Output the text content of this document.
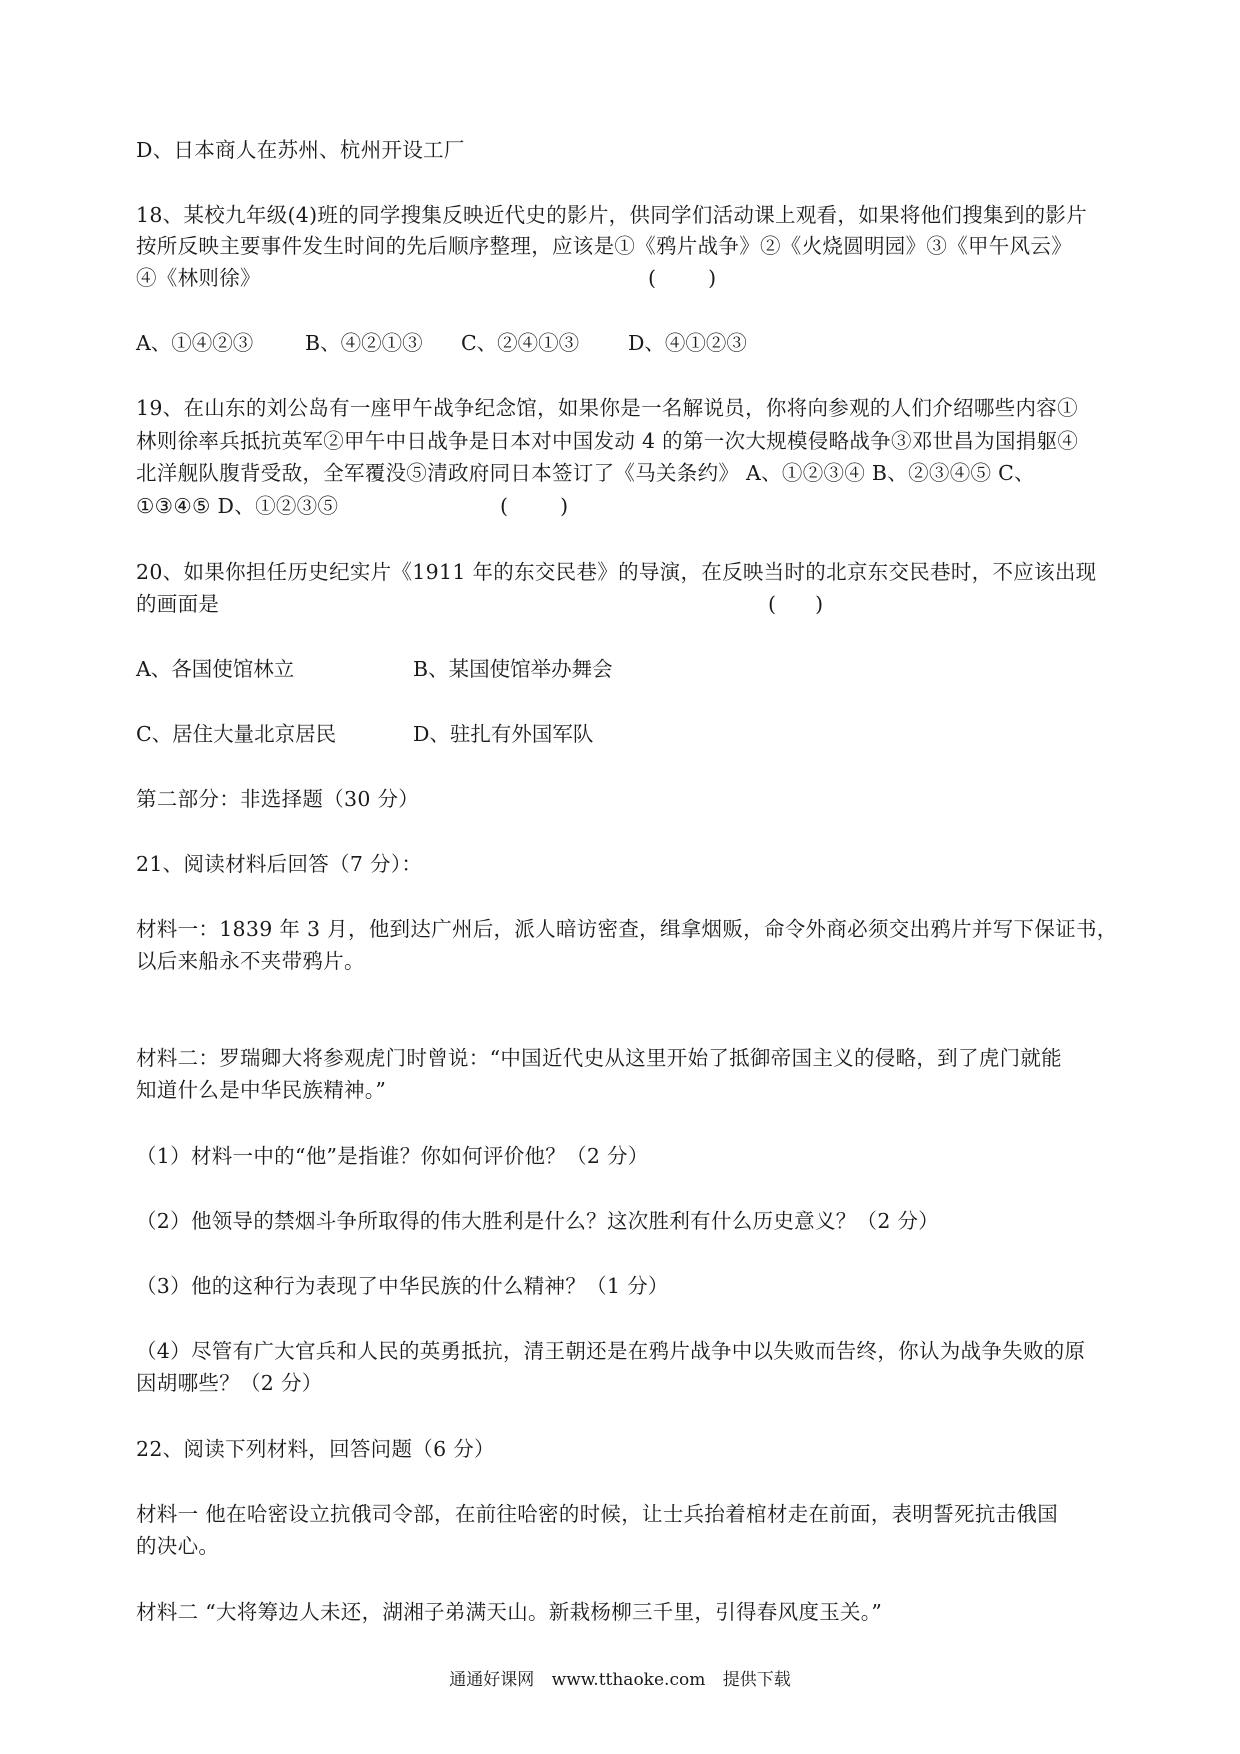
D、日本商人在苏州、杭州开设工厂
18、某校九年级(4)班的同学搜集反映近代史的影片，供同学们活动课上观看，如果将他们搜集到的影片
按所反映主要事件发生时间的先后顺序整理，应该是①《鸦片战争》②《火烧圆明园》③《甲午风云》
④《林则徐》	(        )
A、①④②③	B、④②①③ C、②④①③ D、④①②③
19、在山东的刘公岛有一座甲午战争纪念馆，如果你是一名解说员，你将向参观的人们介绍哪些内容①
林则徐率兵抵抗英军②甲午中日战争是日本对中国发动 4 的第一次大规模侵略战争③邓世昌为国捐躯④
北洋舰队腹背受敌，全军覆没⑤清政府同日本签订了《马关条约》 A、①②③④ B、②③④⑤ C、
①③④⑤ D、①②③⑤	(        )
20、如果你担任历史纪实片《1911 年的东交民巷》的导演，在反映当时的北京东交民巷时，不应该出现
的画面是	(      )
A、各国使馆林立	B、某国使馆举办舞会
C、居住大量北京居民	D、驻扎有外国军队
第二部分：非选择题（30 分）
21、阅读材料后回答（7 分）：
材料一：1839 年 3 月，他到达广州后，派人暗访密查，缉拿烟贩，命令外商必须交出鸦片并写下保证书，
以后来船永不夹带鸦片。
材料二：罗瑞卿大将参观虎门时曾说：“中国近代史从这里开始了抵御帝国主义的侵略，到了虎门就能
知道什么是中华民族精神。”
（1）材料一中的“他”是指谁？你如何评价他？（2 分）
（2）他领导的禁烟斗争所取得的伟大胜利是什么？这次胜利有什么历史意义？（2 分）
（3）他的这种行为表现了中华民族的什么精神？（1 分）
（4）尽管有广大官兵和人民的英勇抵抗，清王朝还是在鸦片战争中以失败而告终，你认为战争失败的原
因胡哪些？（2 分）
22、阅读下列材料，回答问题（6 分）
材料一 他在哈密设立抗俄司令部，在前往哈密的时候，让士兵抬着棺材走在前面，表明誓死抗击俄国
的决心。
材料二 “大将筹边人未还，湖湘子弟满天山。新栽杨柳三千里，引得春风度玉关。”
通通好课网 www.tthaoke.com 提供下载
